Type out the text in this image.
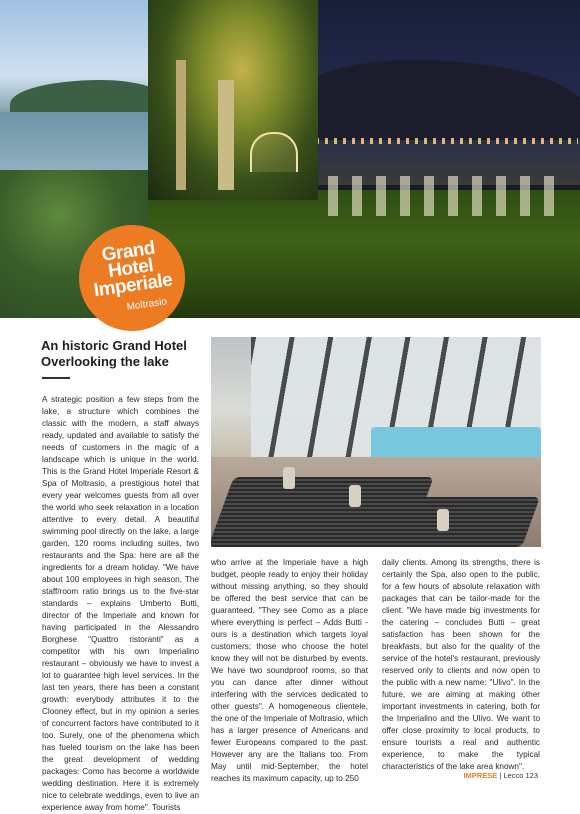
Grand
Hotel
Imperiale
Moltrasio
An historic Grand Hotel Overlooking the lake
A strategic position a few steps from the lake, a structure which combines the classic with the modern, a staff always ready, updated and available to satisfy the needs of customers in the magic of a landscape which is unique in the world. This is the Grand Hotel Imperiale Resort & Spa of Moltrasio, a prestigious hotel that every year welcomes guests from all over the world who seek relaxation in a location attentive to every detail. A beautiful swimming pool directly on the lake, a large garden, 120 rooms including suites, two restaurants and the Spa: here are all the ingredients for a dream holiday. "We have about 100 employees in high season, The staff/room ratio brings us to the five-star standards – explains Umberto Butti, director of the Imperiale and known for having participated in the Alessandro Borghese "Quattro ristoranti" as a competitor with his own Imperialino restaurant – obviously we have to invest a lot to guarantee high level services. In the last ten years, there has been a constant growth: everybody attributes it to the Clooney effect, but in my opinion a series of concurrent factors have contributed to it too. Surely, one of the phenomena which has fueled tourism on the lake has been the great development of wedding packages: Como has become a worldwide wedding destination. Here it is extremely nice to celebrate weddings, even to live an experience away from home". Tourists
who arrive at the Imperiale have a high budget, people ready to enjoy their holiday without missing anything, so they should be offered the best service that can be guaranteed. "They see Como as a place where everything is perfect – Adds Butti - ours is a destination which targets loyal customers; those who choose the hotel know they will not be disturbed by events. We have two soundproof rooms, so that you can dance after dinner without interfering with the services dedicated to other guests". A homogeneous clientele, the one of the Imperiale of Moltrasio, which has a larger presence of Americans and fewer Europeans compared to the past. However any are the Italians too. From May until mid-September, the hotel reaches its maximum capacity, up to 250
daily clients. Among its strengths, there is certainly the Spa, also open to the public, for a few hours of absolute relaxation with packages that can be tailor-made for the client. "We have made big investments for the catering – concludes Butti – great satisfaction has been shown for the breakfasts, but also for the quality of the service of the hotel's restaurant, previously reserved only to clients and now open to the public with a new name: "Ulivo". In the future, we are aiming at making other important investments in catering, both for the Imperialino and the Ulivo. We want to offer close proximity to local products, to ensure tourists a real and authentic experience, to make the typical characteristics of the lake area known".
IMPRESE | Lecco 123
